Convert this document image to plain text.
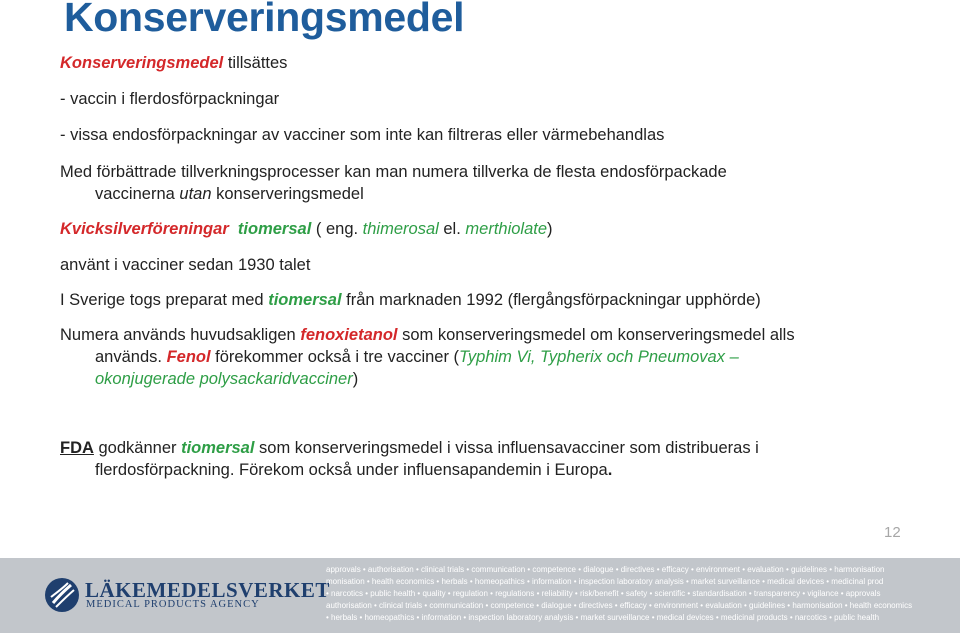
Konserveringsmedel
Konserveringsmedel tillsättes
- vaccin i flerdosförpackningar
- vissa endosförpackningar av vacciner som inte kan filtreras eller värmebehandlas
Med förbättrade tillverkningsprocesser kan man numera tillverka de flesta endosförpackade
vaccinerna utan konserveringsmedel
Kvicksilverföreningar tiomersal ( eng. thimerosal el. merthiolate)
använt i vacciner sedan 1930 talet
I Sverige togs preparat med tiomersal från marknaden 1992 (flergångsförpackningar upphörde)
Numera används huvudsakligen fenoxietanol som konserveringsmedel om konserveringsmedel alls
används. Fenol förekommer också i tre vacciner (Typhim Vi, Typherix och Pneumovax –
okonjugerade polysackaridvacciner)
FDA godkänner tiomersal som konserveringsmedel i vissa influensavacciner som distribueras i
flerdosförpackning. Förekom också under influensapandemin i Europa.
12
LÄKEMEDELSVERKET
MEDICAL PRODUCTS AGENCY
approvals • authorisation • clinical trials • communication • competence • dialogue • directives • efficacy • environment • evaluation • guidelines • harmonisation
monisation • health economics • herbals • homeopathics • information • inspection laboratory analysis • market surveillance • medical devices • medicinal prod
• narcotics • public health • quality • regulation • regulations • reliability • risk/benefit • safety • scientific • standardisation • transparency • vigilance • approvals
authorisation • clinical trials • communication • competence • dialogue • directives • efficacy • environment • evaluation • guidelines • harmonisation • health economics
• herbals • homeopathics • information • inspection laboratory analysis • market surveillance • medical devices • medicinal products • narcotics • public health
